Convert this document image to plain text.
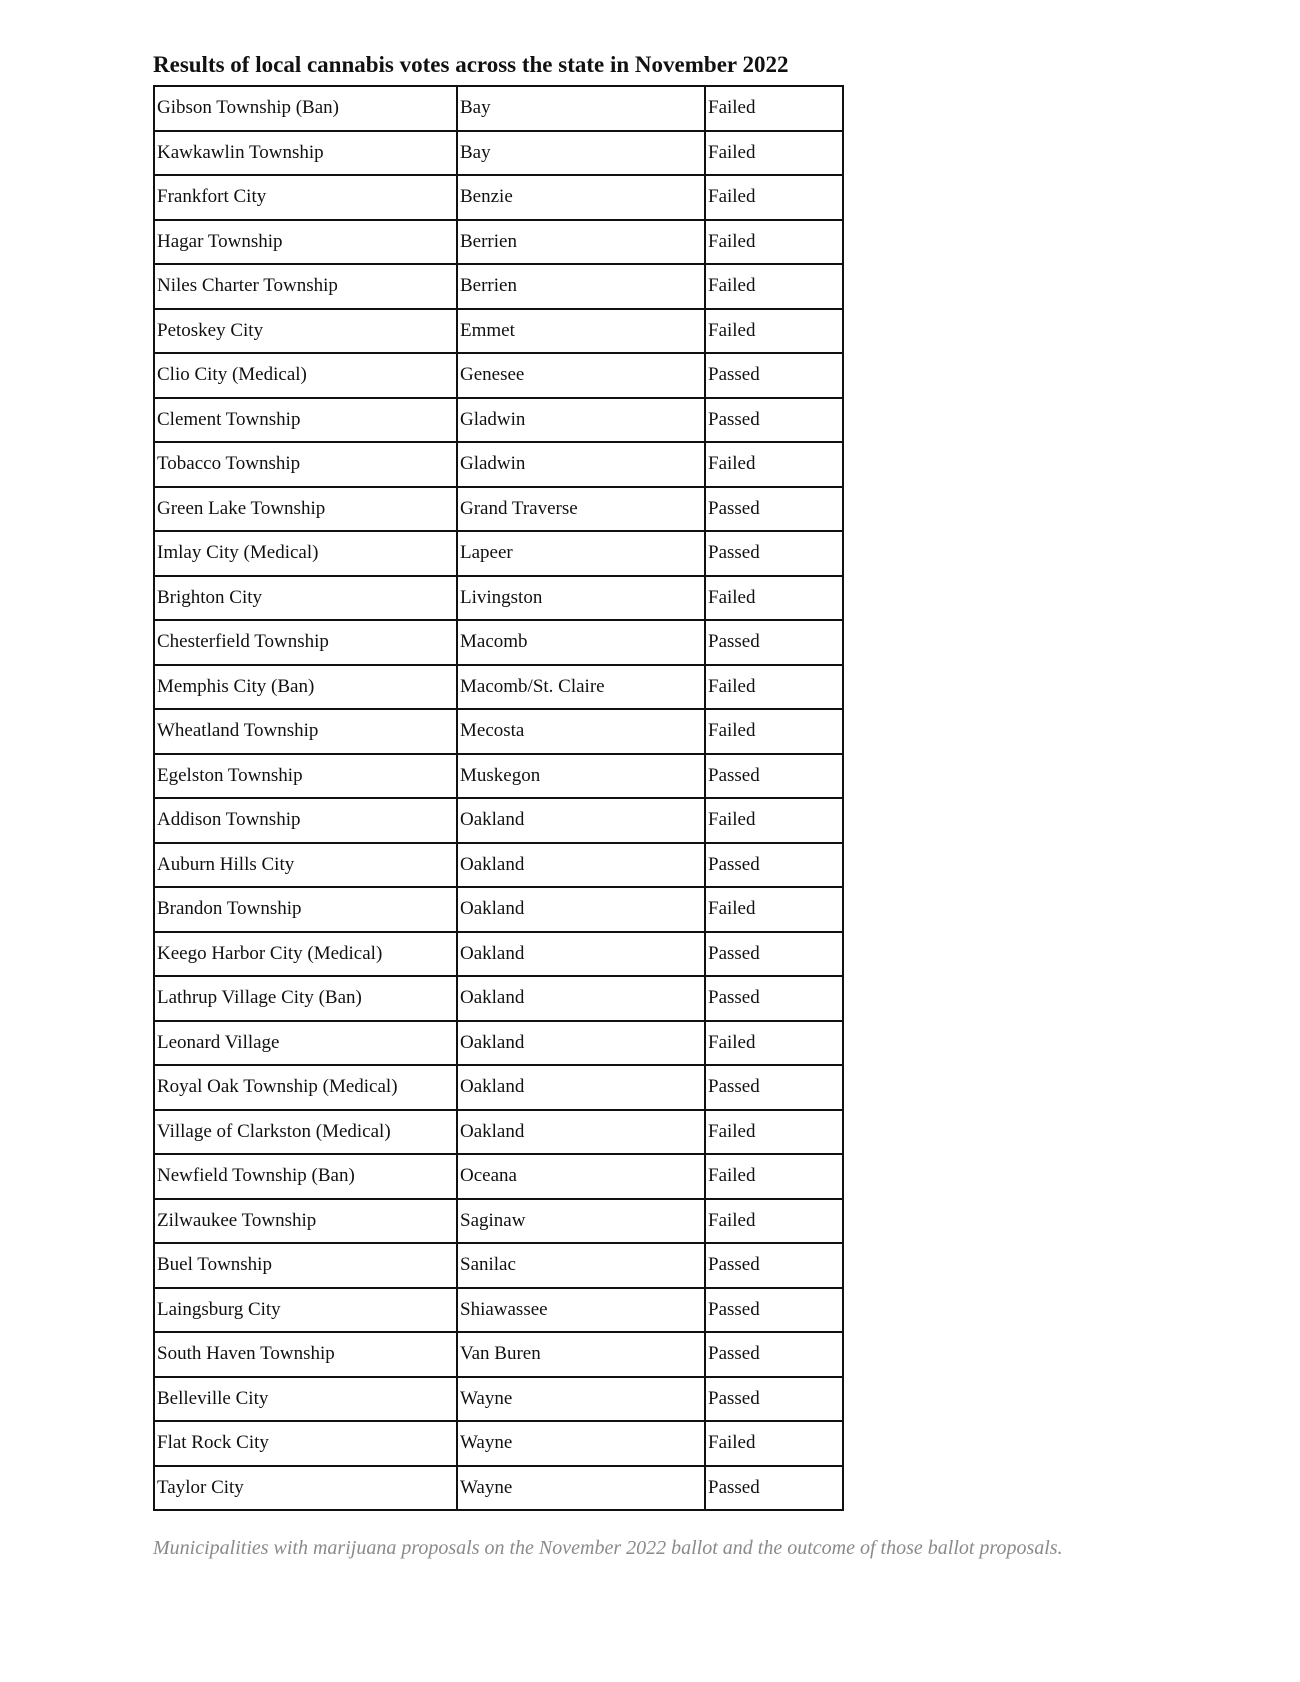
Results of local cannabis votes across the state in November 2022
Gibson Township (Ban)	Bay	Failed
Kawkawlin Township	Bay	Failed
Frankfort City	Benzie	Failed
Hagar Township	Berrien	Failed
Niles Charter Township	Berrien	Failed
Petoskey City	Emmet	Failed
Clio City (Medical)	Genesee	Passed
Clement Township	Gladwin	Passed
Tobacco Township	Gladwin	Failed
Green Lake Township	Grand Traverse	Passed
Imlay City (Medical)	Lapeer	Passed
Brighton City	Livingston	Failed
Chesterfield Township	Macomb	Passed
Memphis City (Ban)	Macomb/St. Claire	Failed
Wheatland Township	Mecosta	Failed
Egelston Township	Muskegon	Passed
Addison Township	Oakland	Failed
Auburn Hills City	Oakland	Passed
Brandon Township	Oakland	Failed
Keego Harbor City (Medical)	Oakland	Passed
Lathrup Village City (Ban)	Oakland	Passed
Leonard Village	Oakland	Failed
Royal Oak Township (Medical)	Oakland	Passed
Village of Clarkston (Medical)	Oakland	Failed
Newfield Township (Ban)	Oceana	Failed
Zilwaukee Township	Saginaw	Failed
Buel Township	Sanilac	Passed
Laingsburg City	Shiawassee	Passed
South Haven Township	Van Buren	Passed
Belleville City	Wayne	Passed
Flat Rock City	Wayne	Failed
Taylor City	Wayne	Passed
Municipalities with marijuana proposals on the November 2022 ballot and the outcome of those ballot proposals.
